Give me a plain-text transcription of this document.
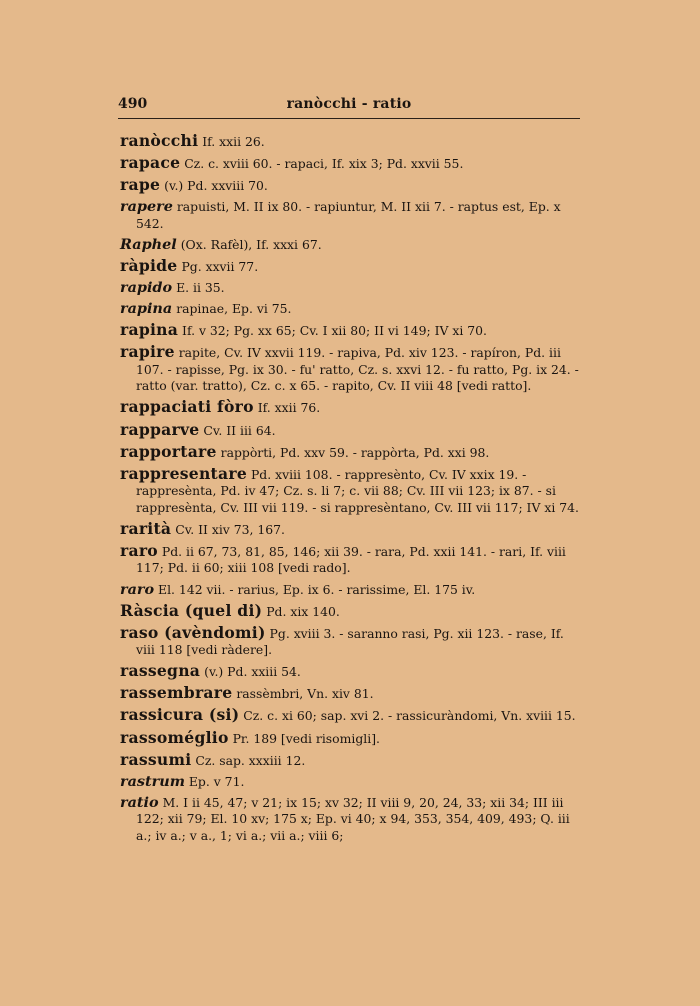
490	ranòcchi - ratio
ranòcchi If. xxii 26.
rapace Cz. c. xviii 60. - rapaci, If. xix 3; Pd. xxvii 55.
rape (v.) Pd. xxviii 70.
rapere rapuisti, M. II ix 80. - rapiuntur, M. II xii 7. - raptus est, Ep. x 542.
Raphel (Ox. Rafèl), If. xxxi 67.
ràpide Pg. xxvii 77.
rapido E. ii 35.
rapina rapinae, Ep. vi 75.
rapina If. v 32; Pg. xx 65; Cv. I xii 80; II vi 149; IV xi 70.
rapire rapite, Cv. IV xxvii 119. - rapiva, Pd. xiv 123. - rapíron, Pd. iii 107. - rapisse, Pg. ix 30. - fu' ratto, Cz. s. xxvi 12. - fu ratto, Pg. ix 24. - ratto (var. tratto), Cz. c. x 65. - rapito, Cv. II viii 48 [vedi ratto].
rappaciati fòro If. xxii 76.
rapparve Cv. II iii 64.
rapportare rappòrti, Pd. xxv 59. - rappòrta, Pd. xxi 98.
rappresentare Pd. xviii 108. - rappresènto, Cv. IV xxix 19. - rappresènta, Pd. iv 47; Cz. s. li 7; c. vii 88; Cv. III vii 123; ix 87. - si rappresènta, Cv. III vii 119. - si rappresèntano, Cv. III vii 117; IV xi 74.
rarità Cv. II xiv 73, 167.
raro Pd. ii 67, 73, 81, 85, 146; xii 39. - rara, Pd. xxii 141. - rari, If. viii 117; Pd. ii 60; xiii 108 [vedi rado].
raro El. 142 vii. - rarius, Ep. ix 6. - rarissime, El. 175 iv.
Ràscia (quel di) Pd. xix 140.
raso (avèndomi) Pg. xviii 3. - saranno rasi, Pg. xii 123. - rase, If. viii 118 [vedi ràdere].
rassegna (v.) Pd. xxiii 54.
rassembrare rassèmbri, Vn. xiv 81.
rassicura (si) Cz. c. xi 60; sap. xvi 2. - rassicuràndomi, Vn. xviii 15.
rassoméglio Pr. 189 [vedi risomigli].
rassumi Cz. sap. xxxiii 12.
rastrum Ep. v 71.
ratio M. I ii 45, 47; v 21; ix 15; xv 32; II viii 9, 20, 24, 33; xii 34; III iii 122; xii 79; El. 10 xv; 175 x; Ep. vi 40; x 94, 353, 354, 409, 493; Q. iii a.; iv a.; v a., 1; vi a.; vii a.; viii 6;
